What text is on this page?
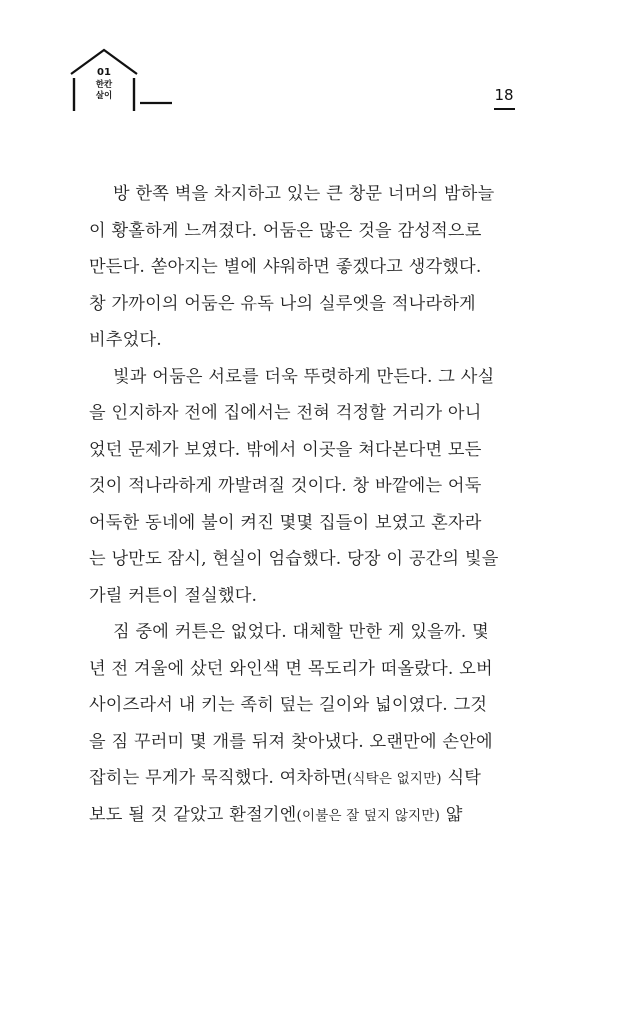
01
한칸
살이	18
방 한쪽 벽을 차지하고 있는 큰 창문 너머의 밤하늘
이 황홀하게 느껴졌다. 어둠은 많은 것을 감성적으로
만든다. 쏟아지는 별에 샤워하면 좋겠다고 생각했다.
창 가까이의 어둠은 유독 나의 실루엣을 적나라하게
비추었다.
빛과 어둠은 서로를 더욱 뚜렷하게 만든다. 그 사실
을 인지하자 전에 집에서는 전혀 걱정할 거리가 아니
었던 문제가 보였다. 밖에서 이곳을 쳐다본다면 모든
것이 적나라하게 까발려질 것이다. 창 바깥에는 어둑
어둑한 동네에 불이 켜진 몇몇 집들이 보였고 혼자라
는 낭만도 잠시, 현실이 엄습했다. 당장 이 공간의 빛을
가릴 커튼이 절실했다.
짐 중에 커튼은 없었다. 대체할 만한 게 있을까. 몇
년 전 겨울에 샀던 와인색 면 목도리가 떠올랐다. 오버
사이즈라서 내 키는 족히 덮는 길이와 넓이였다. 그것
을 짐 꾸러미 몇 개를 뒤져 찾아냈다. 오랜만에 손안에
잡히는 무게가 묵직했다. 여차하면(식탁은 없지만) 식탁
보도 될 것 같았고 환절기엔(이불은 잘 덮지 않지만) 얇
